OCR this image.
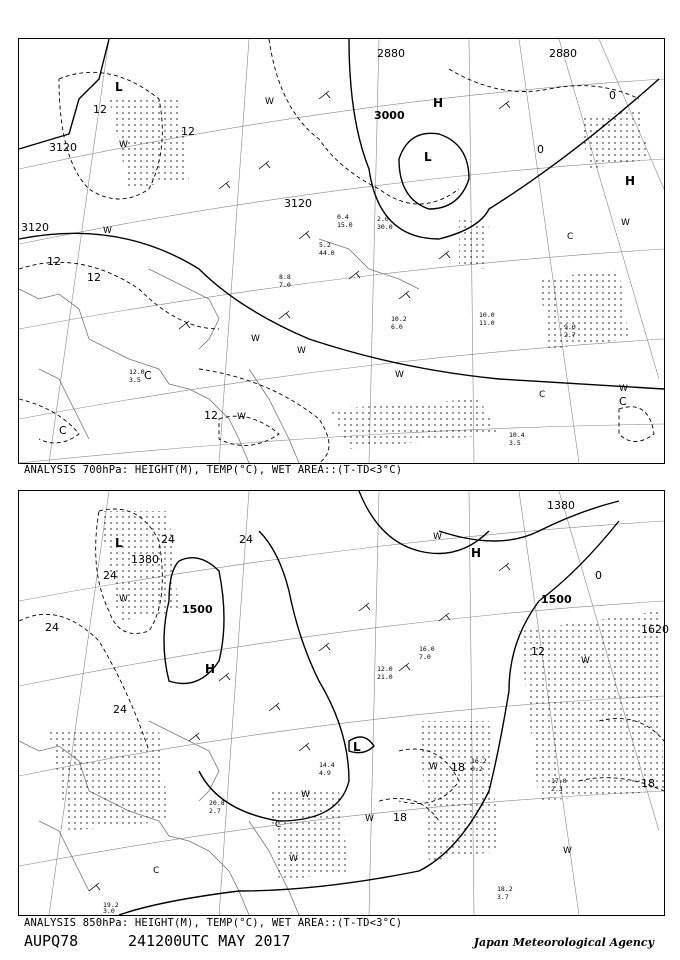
2880
3000
3120
3120
3120
2880
12
12
12
12
12
0
0
C
C
C
L
L
H
H
W
W
W
W
W
W
W
W
W
C
C
10.4
3.5
9.0
2.7
12.0
3.5
10.2
6.0
10.0
11.0
8.8
7.0
5.2
44.0
0.4
15.0
2.0
30.0
ANALYSIS 700hPa: HEIGHT(M), TEMP(°C), WET AREA::(T-TD<3°C)
1380
1380
1500
1500
1620
24	24
24
24
24
12
18
18
18
0
L
L
H
H
W
W
W
W
W
W
W
W
C
C
19.2
3.0
20.8
2.7
16.2
0.2
17.0
2.3
18.2
3.7
14.4
4.9
12.0
21.0
16.0
7.0
ANALYSIS 850hPa: HEIGHT(M), TEMP(°C), WET AREA::(T-TD<3°C)
AUPQ78	241200UTC MAY 2017	Japan Meteorological Agency
